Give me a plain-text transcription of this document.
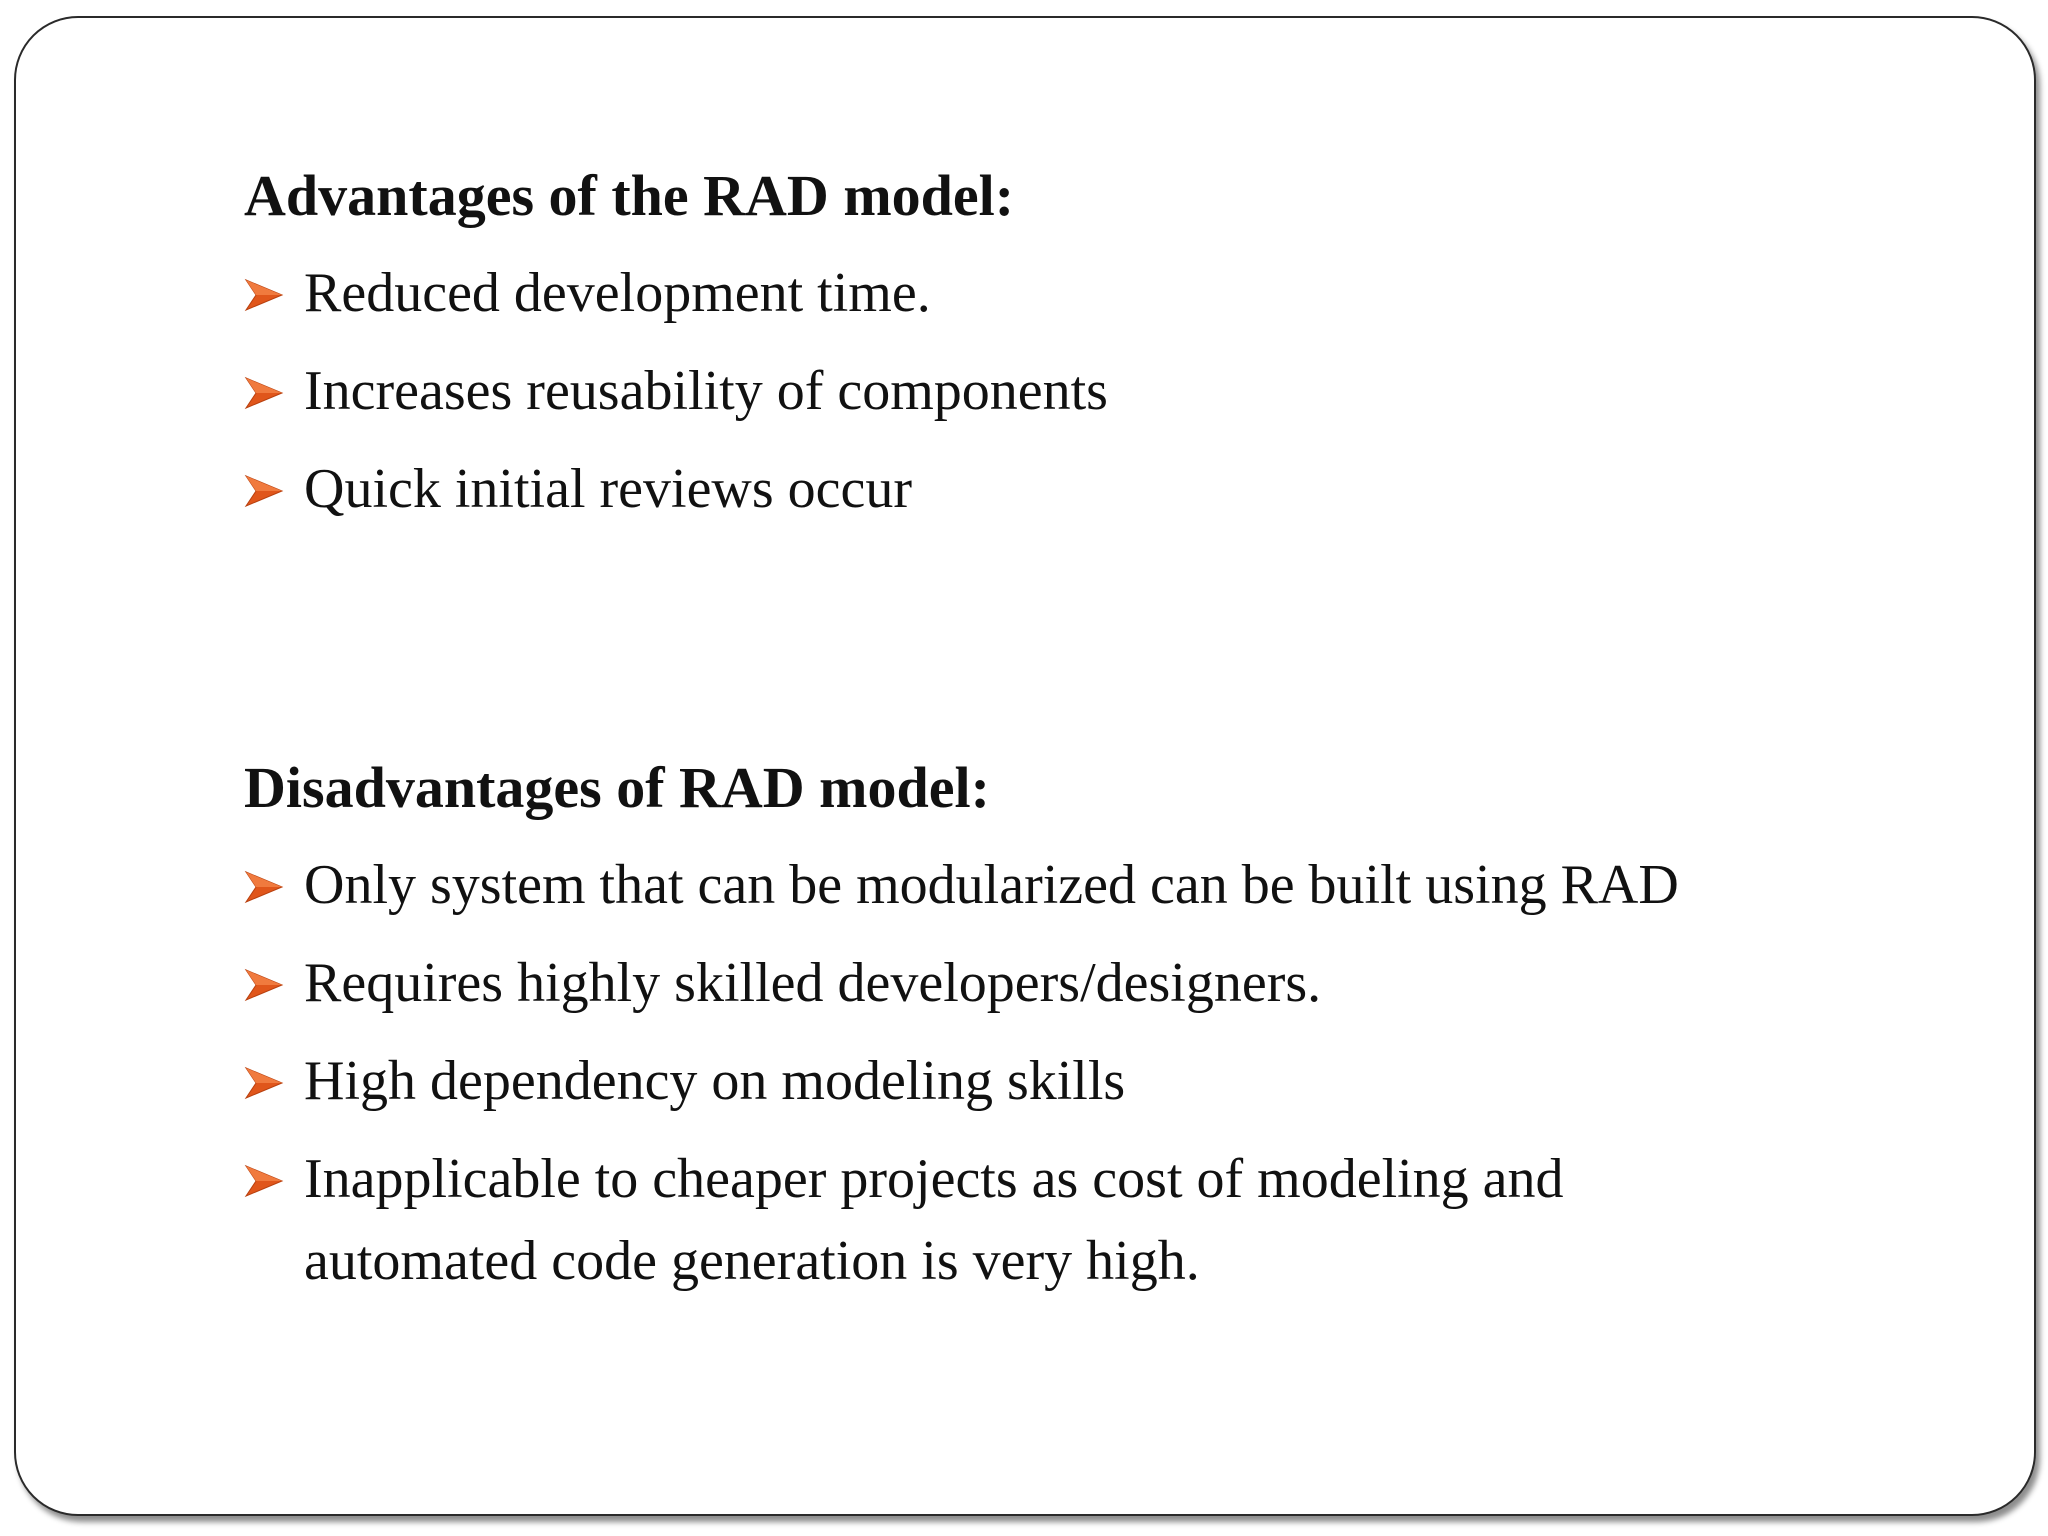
Advantages of the RAD model:
Reduced development time.
Increases reusability of components
Quick initial reviews occur
Disadvantages of RAD model:
Only system that can be modularized can be built using RAD
Requires highly skilled developers/designers.
High dependency on modeling skills
Inapplicable to cheaper projects as cost of modeling and automated code generation is very high.
